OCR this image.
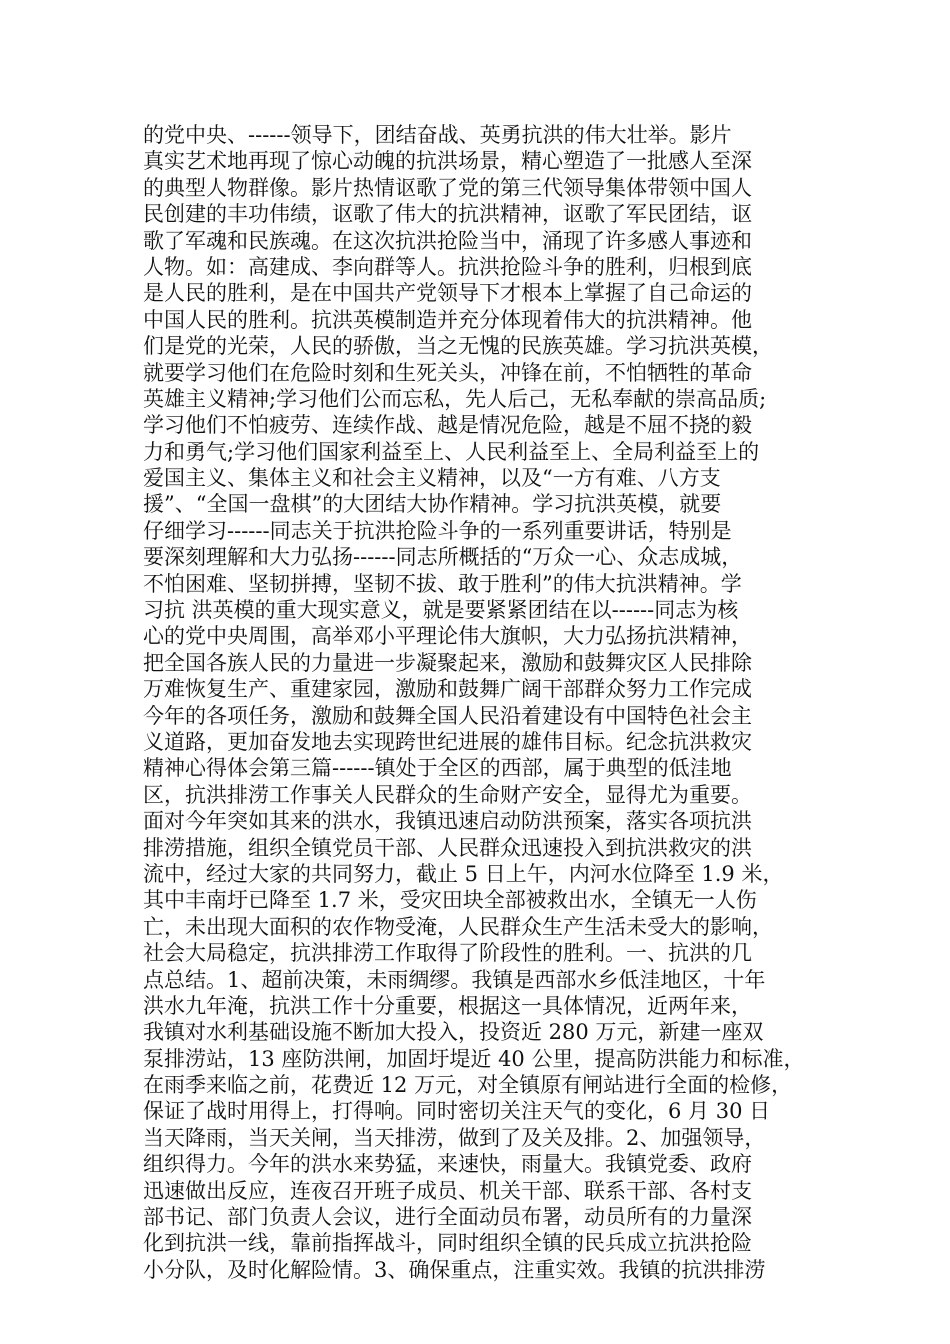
的党中央、------领导下，团结奋战、英勇抗洪的伟大壮举。影片
真实艺术地再现了惊心动魄的抗洪场景，精心塑造了一批感人至深
的典型人物群像。影片热情讴歌了党的第三代领导集体带领中国人
民创建的丰功伟绩，讴歌了伟大的抗洪精神，讴歌了军民团结，讴
歌了军魂和民族魂。在这次抗洪抢险当中，涌现了许多感人事迹和
人物。如：高建成、李向群等人。抗洪抢险斗争的胜利，归根到底
是人民的胜利，是在中国共产党领导下才根本上掌握了自己命运的
中国人民的胜利。抗洪英模制造并充分体现着伟大的抗洪精神。他
们是党的光荣，人民的骄傲，当之无愧的民族英雄。学习抗洪英模，
就要学习他们在危险时刻和生死关头，冲锋在前，不怕牺牲的革命
英雄主义精神;学习他们公而忘私，先人后己，无私奉献的崇高品质;
学习他们不怕疲劳、连续作战、越是情况危险，越是不屈不挠的毅
力和勇气;学习他们国家利益至上、人民利益至上、全局利益至上的
爱国主义、集体主义和社会主义精神，以及“一方有难、八方支
援”、“全国一盘棋”的大团结大协作精神。学习抗洪英模，就要
仔细学习------同志关于抗洪抢险斗争的一系列重要讲话，特别是
要深刻理解和大力弘扬------同志所概括的“万众一心、众志成城，
不怕困难、坚韧拼搏，坚韧不拔、敢于胜利”的伟大抗洪精神。学
习抗 洪英模的重大现实意义，就是要紧紧团结在以------同志为核
心的党中央周围，高举邓小平理论伟大旗帜，大力弘扬抗洪精神，
把全国各族人民的力量进一步凝聚起来，激励和鼓舞灾区人民排除
万难恢复生产、重建家园，激励和鼓舞广阔干部群众努力工作完成
今年的各项任务，激励和鼓舞全国人民沿着建设有中国特色社会主
义道路，更加奋发地去实现跨世纪进展的雄伟目标。纪念抗洪救灾
精神心得体会第三篇------镇处于全区的西部，属于典型的低洼地
区，抗洪排涝工作事关人民群众的生命财产安全，显得尤为重要。
面对今年突如其来的洪水，我镇迅速启动防洪预案，落实各项抗洪
排涝措施，组织全镇党员干部、人民群众迅速投入到抗洪救灾的洪
流中，经过大家的共同努力，截止 5 日上午，内河水位降至 1.9 米，
其中丰南圩已降至 1.7 米，受灾田块全部被救出水，全镇无一人伤
亡，未出现大面积的农作物受淹，人民群众生产生活未受大的影响，
社会大局稳定，抗洪排涝工作取得了阶段性的胜利。一、抗洪的几
点总结。1、超前决策，未雨绸缪。我镇是西部水乡低洼地区，十年
洪水九年淹，抗洪工作十分重要，根据这一具体情况，近两年来，
我镇对水利基础设施不断加大投入，投资近 280 万元，新建一座双
泵排涝站，13 座防洪闸，加固圩堤近 40 公里，提高防洪能力和标准，
在雨季来临之前，花费近 12 万元，对全镇原有闸站进行全面的检修，
保证了战时用得上，打得响。同时密切关注天气的变化，6 月 30 日
当天降雨，当天关闸，当天排涝，做到了及关及排。2、加强领导，
组织得力。今年的洪水来势猛，来速快，雨量大。我镇党委、政府
迅速做出反应，连夜召开班子成员、机关干部、联系干部、各村支
部书记、部门负责人会议，进行全面动员布署，动员所有的力量深
化到抗洪一线，靠前指挥战斗，同时组织全镇的民兵成立抗洪抢险
小分队，及时化解险情。3、确保重点，注重实效。我镇的抗洪排涝
